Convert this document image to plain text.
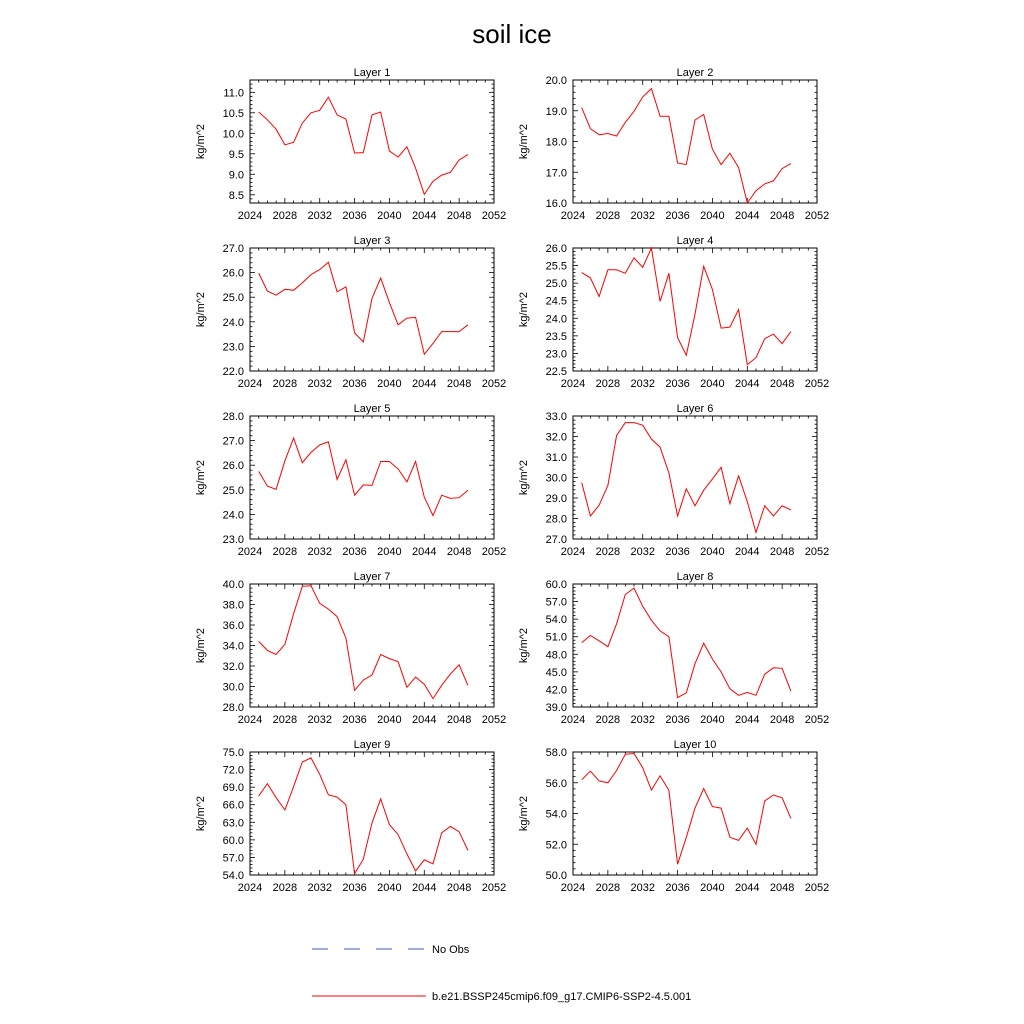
soil ice
Layer 1
kg/m^2
2024 2028 2032 2036 2040 2044 2048 2052
8.5
9.0
9.5
10.0
10.5
11.0
Layer 2
kg/m^2
2024 2028 2032 2036 2040 2044 2048 2052
16.0
17.0
18.0
19.0
20.0
Layer 3
kg/m^2
2024 2028 2032 2036 2040 2044 2048 2052
22.0
23.0
24.0
25.0
26.0
27.0
Layer 4
kg/m^2
2024 2028 2032 2036 2040 2044 2048 2052
22.5
23.0
23.5
24.0
24.5
25.0
25.5
26.0
Layer 5
kg/m^2
2024 2028 2032 2036 2040 2044 2048 2052
23.0
24.0
25.0
26.0
27.0
28.0
Layer 6
kg/m^2
2024 2028 2032 2036 2040 2044 2048 2052
27.0
28.0
29.0
30.0
31.0
32.0
33.0
Layer 7
kg/m^2
2024 2028 2032 2036 2040 2044 2048 2052
28.0
30.0
32.0
34.0
36.0
38.0
40.0
Layer 8
kg/m^2
2024 2028 2032 2036 2040 2044 2048 2052
39.0
42.0
45.0
48.0
51.0
54.0
57.0
60.0
Layer 9
kg/m^2
2024 2028 2032 2036 2040 2044 2048 2052
54.0
57.0
60.0
63.0
66.0
69.0
72.0
75.0
Layer 10
kg/m^2
2024 2028 2032 2036 2040 2044 2048 2052
50.0
52.0
54.0
56.0
58.0
No Obs
b.e21.BSSP245cmip6.f09_g17.CMIP6-SSP2-4.5.001
